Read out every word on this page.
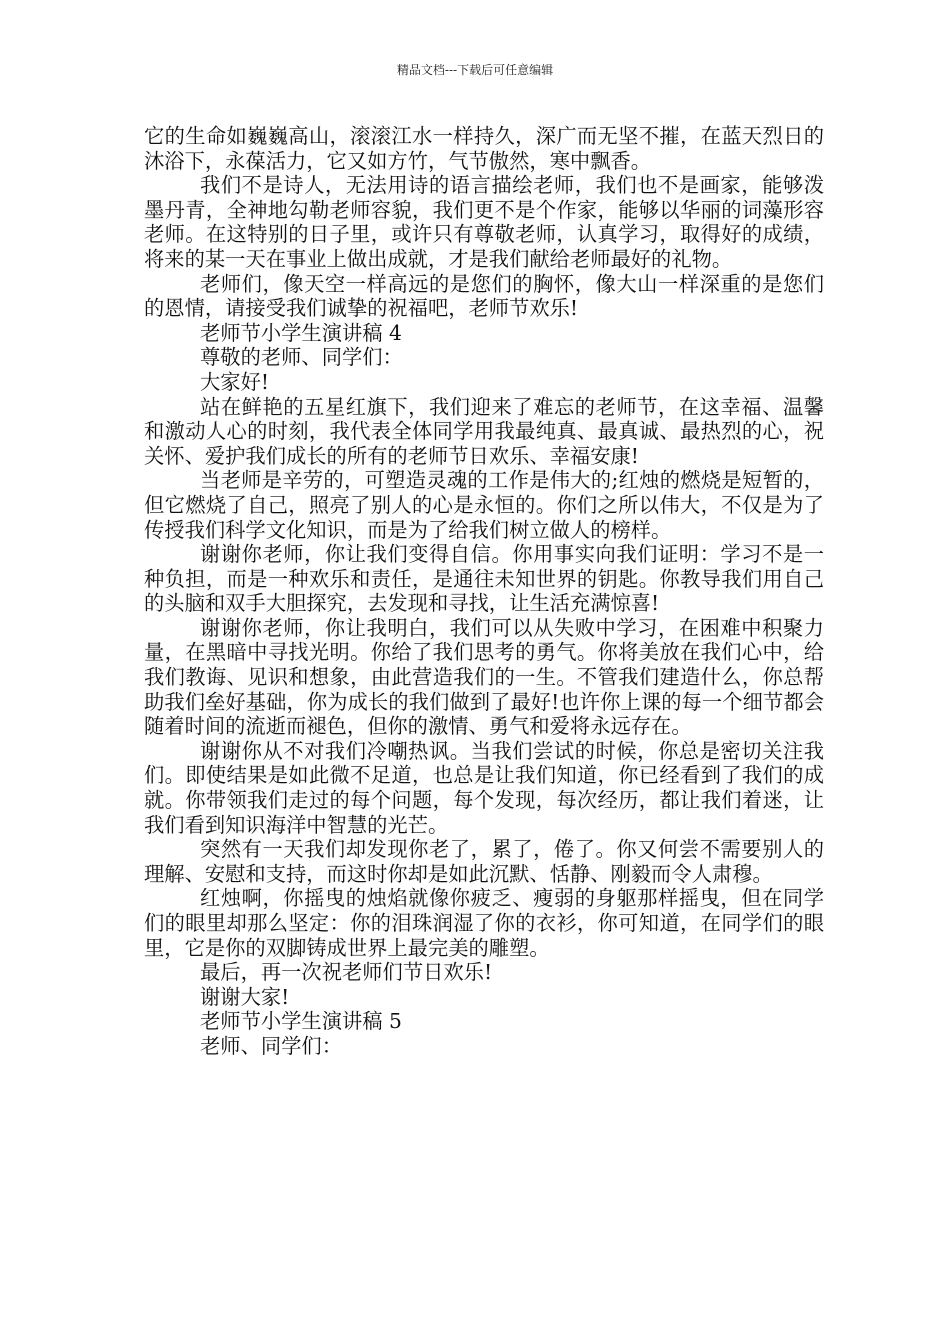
精品文档---下载后可任意编辑

它的生命如巍巍高山，滚滚江水一样持久，深广而无坚不摧，在蓝天烈日的沐浴下，永葆活力，它又如方竹，气节傲然，寒中飘香。

我们不是诗人，无法用诗的语言描绘老师，我们也不是画家，能够泼墨丹青，全神地勾勒老师容貌，我们更不是个作家，能够以华丽的词藻形容老师。在这特别的日子里，或许只有尊敬老师，认真学习，取得好的成绩，将来的某一天在事业上做出成就，才是我们献给老师最好的礼物。

老师们，像天空一样高远的是您们的胸怀，像大山一样深重的是您们的恩情，请接受我们诚挚的祝福吧，老师节欢乐!

老师节小学生演讲稿 4

尊敬的老师、同学们：

大家好!

站在鲜艳的五星红旗下，我们迎来了难忘的老师节，在这幸福、温馨和激动人心的时刻，我代表全体同学用我最纯真、最真诚、最热烈的心，祝关怀、爱护我们成长的所有的老师节日欢乐、幸福安康!

当老师是辛劳的，可塑造灵魂的工作是伟大的;红烛的燃烧是短暂的，但它燃烧了自己，照亮了别人的心是永恒的。你们之所以伟大，不仅是为了传授我们科学文化知识，而是为了给我们树立做人的榜样。

谢谢你老师，你让我们变得自信。你用事实向我们证明：学习不是一种负担，而是一种欢乐和责任，是通往未知世界的钥匙。你教导我们用自己的头脑和双手大胆探究，去发现和寻找，让生活充满惊喜!

谢谢你老师，你让我明白，我们可以从失败中学习，在困难中积聚力量，在黑暗中寻找光明。你给了我们思考的勇气。你将美放在我们心中，给我们教诲、见识和想象，由此营造我们的一生。不管我们建造什么，你总帮助我们垒好基础，你为成长的我们做到了最好!也许你上课的每一个细节都会随着时间的流逝而褪色，但你的激情、勇气和爱将永远存在。

谢谢你从不对我们冷嘲热讽。当我们尝试的时候，你总是密切关注我们。即使结果是如此微不足道，也总是让我们知道，你已经看到了我们的成就。你带领我们走过的每个问题，每个发现，每次经历，都让我们着迷，让我们看到知识海洋中智慧的光芒。

突然有一天我们却发现你老了，累了，倦了。你又何尝不需要别人的理解、安慰和支持，而这时你却是如此沉默、恬静、刚毅而令人肃穆。

红烛啊，你摇曳的烛焰就像你疲乏、瘦弱的身躯那样摇曳，但在同学们的眼里却那么坚定：你的泪珠润湿了你的衣衫，你可知道，在同学们的眼里，它是你的双脚铸成世界上最完美的雕塑。

最后，再一次祝老师们节日欢乐!

谢谢大家!

老师节小学生演讲稿 5

老师、同学们：
